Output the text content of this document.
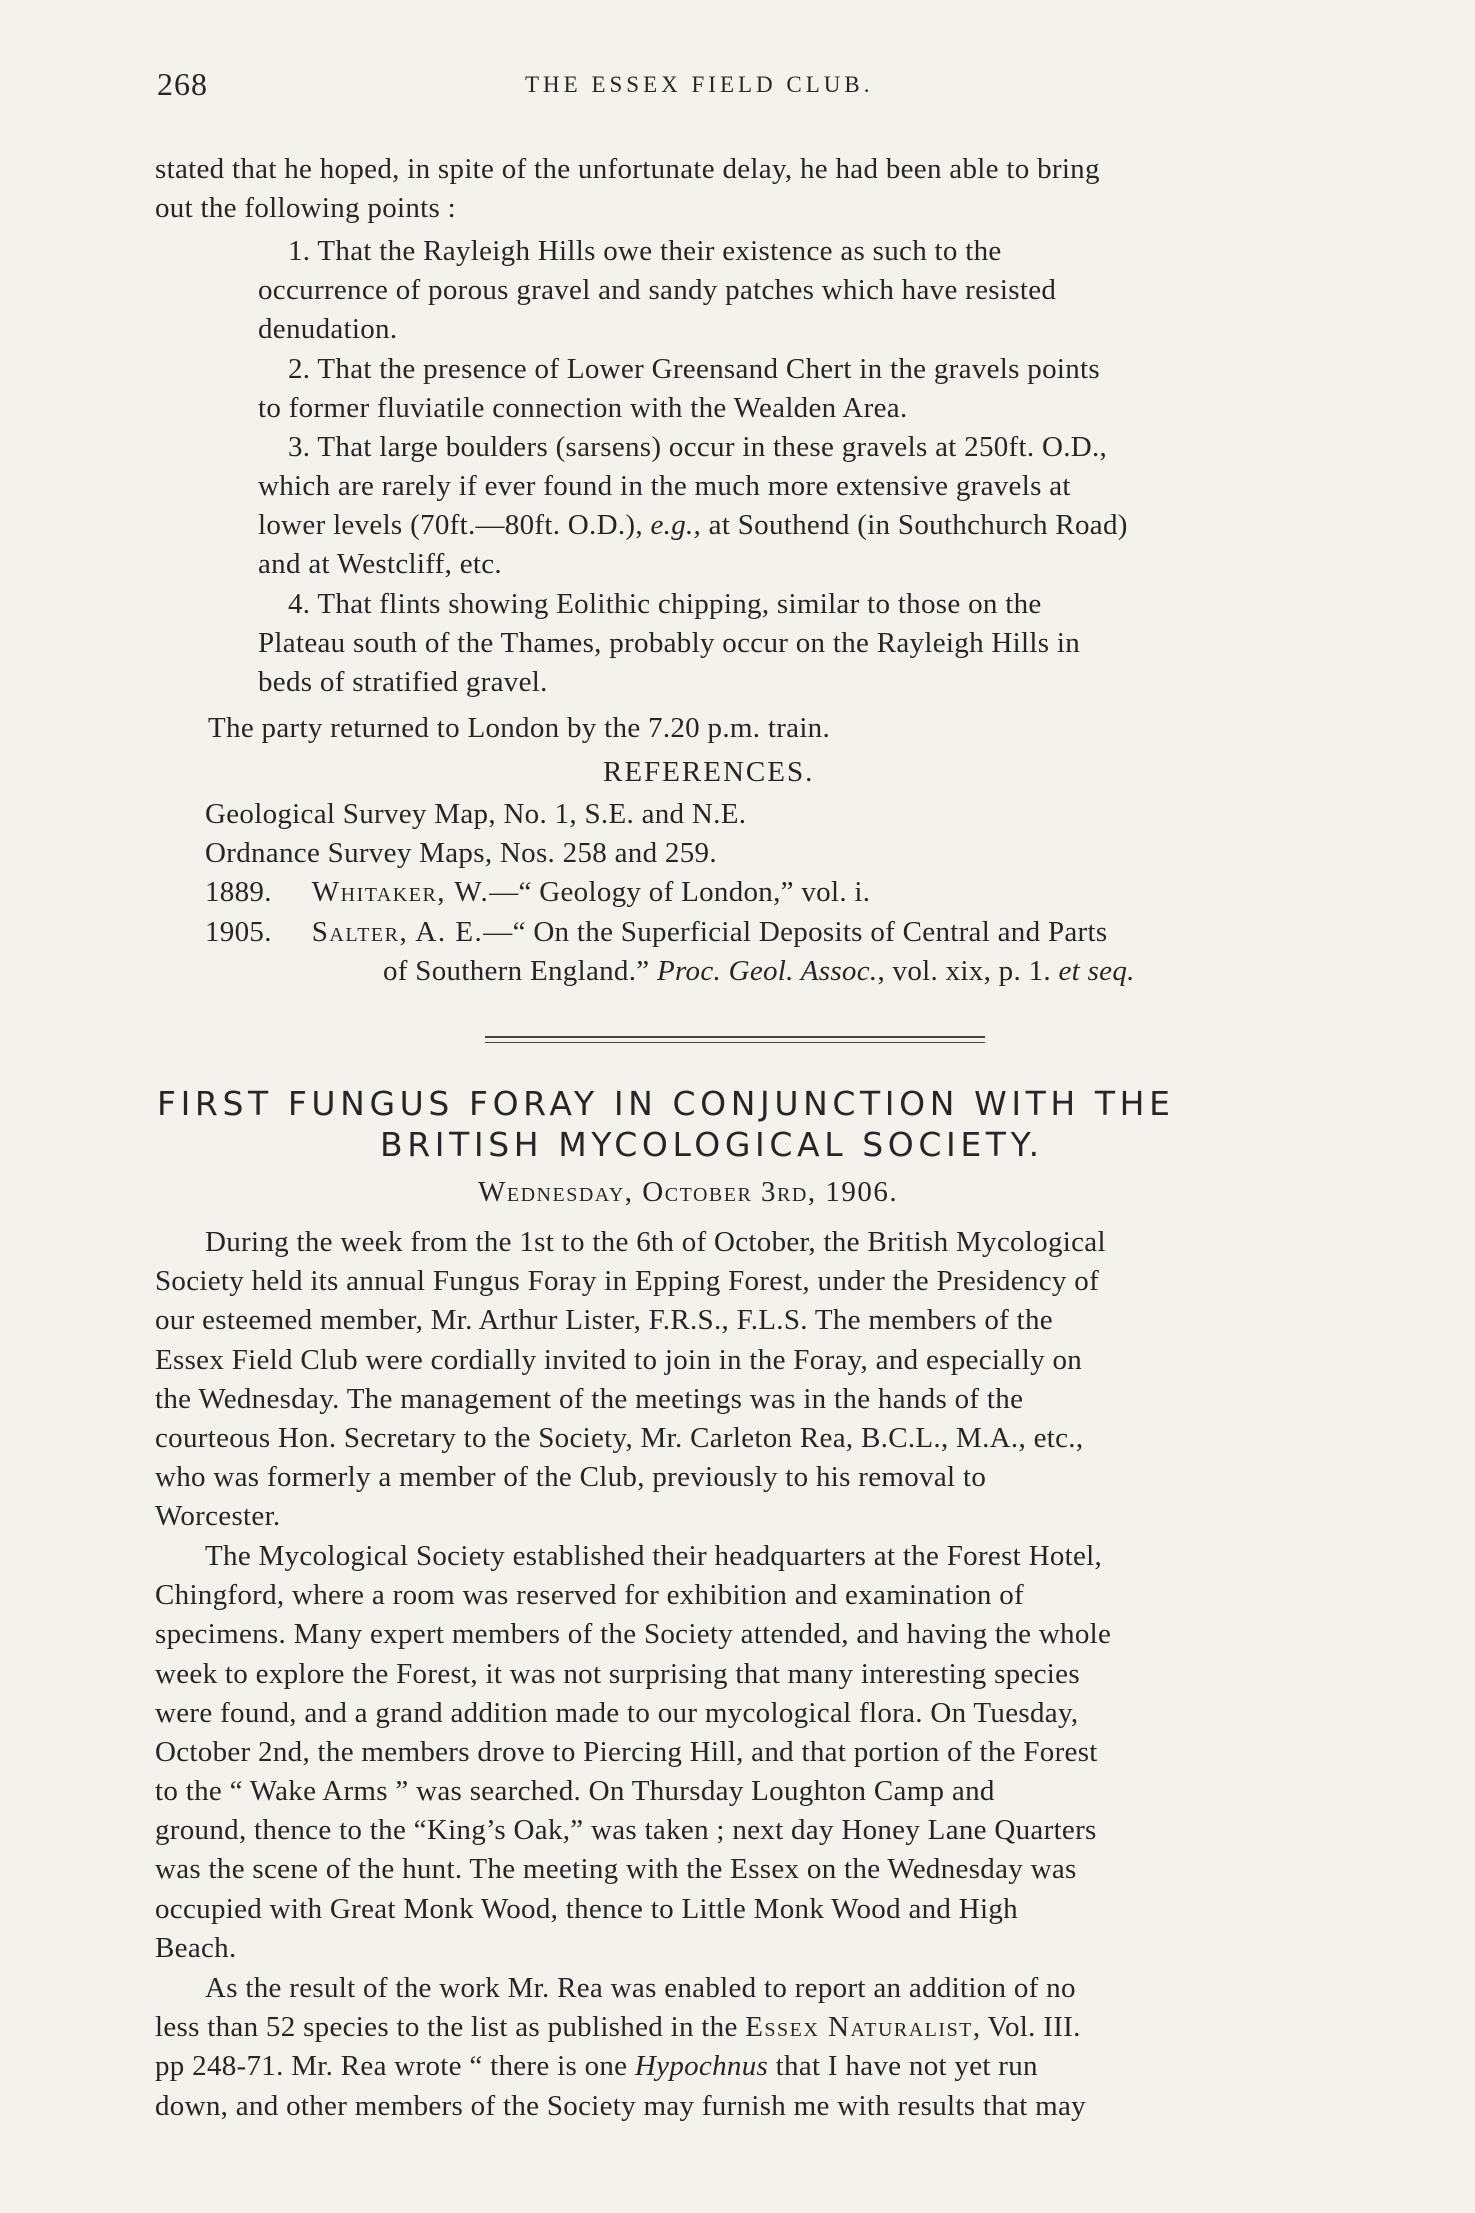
268	THE ESSEX FIELD CLUB.
stated that he hoped, in spite of the unfortunate delay, he had been able to bring
out the following points :
1. That the Rayleigh Hills owe their existence as such to the
occurrence of porous gravel and sandy patches which have resisted
denudation.
2. That the presence of Lower Greensand Chert in the gravels points
to former fluviatile connection with the Wealden Area.
3. That large boulders (sarsens) occur in these gravels at 250ft. O.D.,
which are rarely if ever found in the much more extensive gravels at
lower levels (70ft.—80ft. O.D.), e.g., at Southend (in Southchurch Road)
and at Westcliff, etc.
4. That flints showing Eolithic chipping, similar to those on the
Plateau south of the Thames, probably occur on the Rayleigh Hills in
beds of stratified gravel.
The party returned to London by the 7.20 p.m. train.
REFERENCES.
Geological Survey Map, No. 1, S.E. and N.E.
Ordnance Survey Maps, Nos. 258 and 259.
1889. Whitaker, W.—“ Geology of London,” vol. i.
1905. Salter, A. E.—“ On the Superficial Deposits of Central and Parts
of Southern England.” Proc. Geol. Assoc., vol. xix, p. 1. et seq.
FIRST FUNGUS FORAY IN CONJUNCTION WITH THE
BRITISH MYCOLOGICAL SOCIETY.
Wednesday, October 3rd, 1906.
During the week from the 1st to the 6th of October, the British Mycological
Society held its annual Fungus Foray in Epping Forest, under the Presidency of
our esteemed member, Mr. Arthur Lister, F.R.S., F.L.S. The members of the
Essex Field Club were cordially invited to join in the Foray, and especially on
the Wednesday. The management of the meetings was in the hands of the
courteous Hon. Secretary to the Society, Mr. Carleton Rea, B.C.L., M.A., etc.,
who was formerly a member of the Club, previously to his removal to
Worcester.
The Mycological Society established their headquarters at the Forest Hotel,
Chingford, where a room was reserved for exhibition and examination of
specimens. Many expert members of the Society attended, and having the whole
week to explore the Forest, it was not surprising that many interesting species
were found, and a grand addition made to our mycological flora. On Tuesday,
October 2nd, the members drove to Piercing Hill, and that portion of the Forest
to the “ Wake Arms ” was searched. On Thursday Loughton Camp and
ground, thence to the “King’s Oak,” was taken ; next day Honey Lane Quarters
was the scene of the hunt. The meeting with the Essex on the Wednesday was
occupied with Great Monk Wood, thence to Little Monk Wood and High
Beach.
As the result of the work Mr. Rea was enabled to report an addition of no
less than 52 species to the list as published in the Essex Naturalist, Vol. III.
pp 248-71. Mr. Rea wrote “ there is one Hypochnus that I have not yet run
down, and other members of the Society may furnish me with results that may
